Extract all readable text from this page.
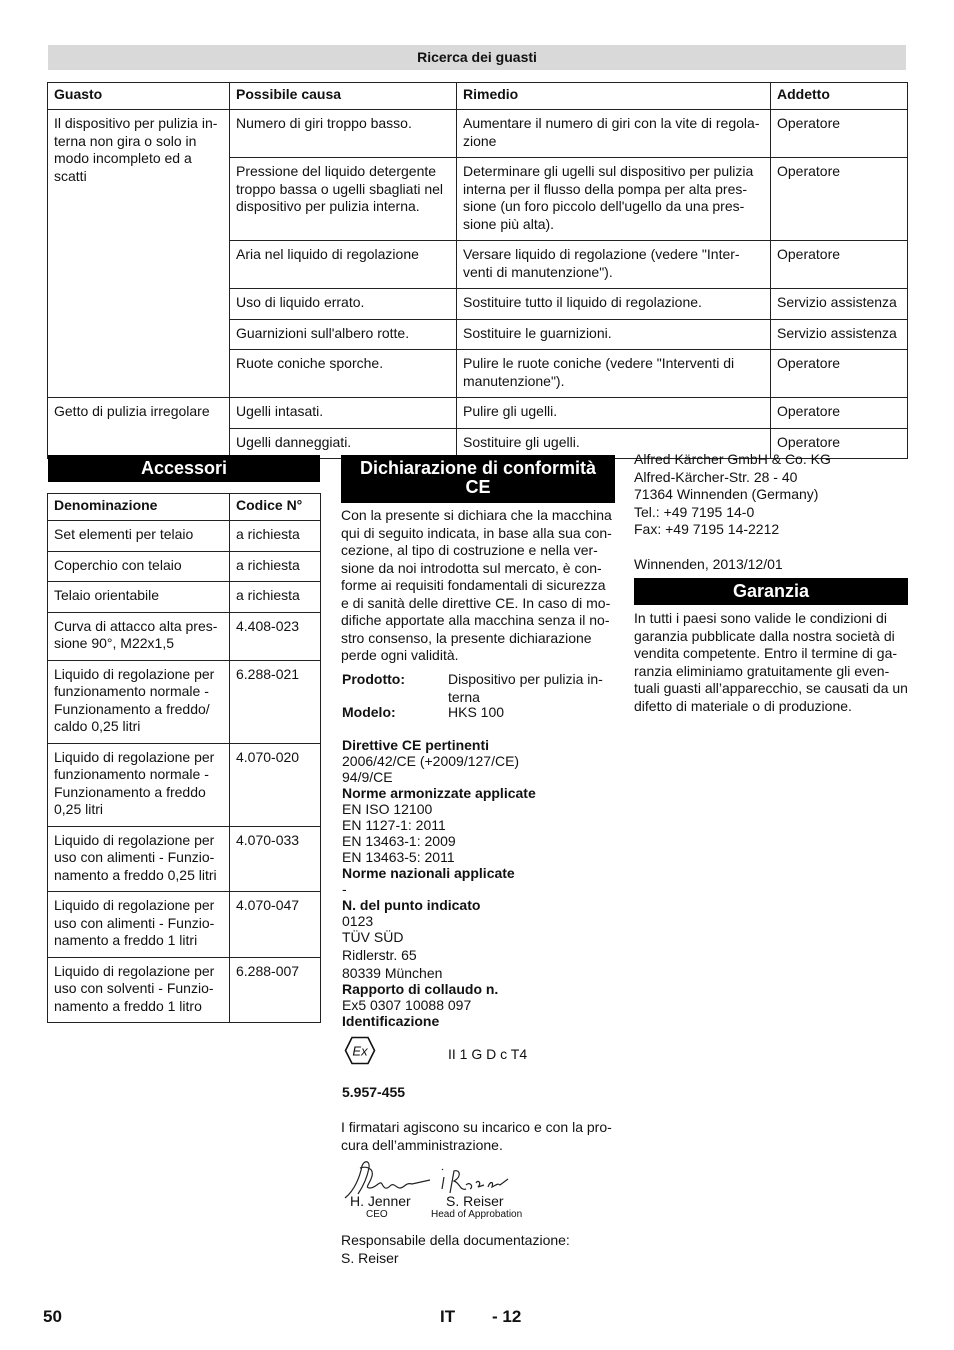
Ricerca dei guasti
Guasto	Possibile causa	Rimedio	Addetto
Il dispositivo per pulizia in-terna non gira o solo in modo incompleto ed a scatti	Numero di giri troppo basso.	Aumentare il numero di giri con la vite di regola-zione	Operatore
	Pressione del liquido detergente troppo bassa o ugelli sbagliati nel dispositivo per pulizia interna.	Determinare gli ugelli sul dispositivo per pulizia interna per il flusso della pompa per alta pres-sione (un foro piccolo dell'ugello da una pres-sione più alta).	Operatore
	Aria nel liquido di regolazione	Versare liquido di regolazione (vedere "Inter-venti di manutenzione").	Operatore
	Uso di liquido errato.	Sostituire tutto il liquido di regolazione.	Servizio assistenza
	Guarnizioni sull'albero rotte.	Sostituire le guarnizioni.	Servizio assistenza
	Ruote coniche sporche.	Pulire le ruote coniche (vedere "Interventi di manutenzione").	Operatore
Getto di pulizia irregolare	Ugelli intasati.	Pulire gli ugelli.	Operatore
	Ugelli danneggiati.	Sostituire gli ugelli.	Operatore
Accessori
Denominazione	Codice N°
Set elementi per telaio	a richiesta
Coperchio con telaio	a richiesta
Telaio orientabile	a richiesta
Curva di attacco alta pres-sione 90°, M22x1,5	4.408-023
Liquido di regolazione per funzionamento normale - Funzionamento a freddo/ caldo 0,25 litri	6.288-021
Liquido di regolazione per funzionamento normale - Funzionamento a freddo 0,25 litri	4.070-020
Liquido di regolazione per uso con alimenti - Funzio-namento a freddo 0,25 litri	4.070-033
Liquido di regolazione per uso con alimenti - Funzio-namento a freddo 1 litri	4.070-047
Liquido di regolazione per uso con solventi - Funzio-namento a freddo 1 litro	6.288-007
Dichiarazione di conformità
CE
Con la presente si dichiara che la macchina qui di seguito indicata, in base alla sua con-cezione, al tipo di costruzione e nella ver-sione da noi introdotta sul mercato, è con-forme ai requisiti fondamentali di sicurezza e di sanità delle direttive CE. In caso di mo-difiche apportate alla macchina senza il no-stro consenso, la presente dichiarazione perde ogni validità.
Prodotto:	Dispositivo per pulizia in-terna
Modelo:	HKS 100
Direttive CE pertinenti
2006/42/CE (+2009/127/CE)
94/9/CE
Norme armonizzate applicate
EN ISO 12100
EN 1127-1: 2011
EN 13463-1: 2009
EN 13463-5: 2011
Norme nazionali applicate
-
N. del punto indicato
0123
TÜV SÜD
Ridlerstr. 65
80339 München
Rapporto di collaudo n.
Ex5 0307 10088 097
Identificazione
Ex	II 1 G D c T4
5.957-455
I firmatari agiscono su incarico e con la pro-cura dell’amministrazione.
H. Jenner
CEO
S. Reiser
Head of Approbation
Responsabile della documentazione:
S. Reiser
Alfred Kärcher GmbH & Co. KG
Alfred-Kärcher-Str. 28 - 40
71364 Winnenden (Germany)
Tel.: +49 7195 14-0
Fax: +49 7195 14-2212
Winnenden, 2013/12/01
Garanzia
In tutti i paesi sono valide le condizioni di garanzia pubblicate dalla nostra società di vendita competente. Entro il termine di ga-ranzia eliminiamo gratuitamente gli even-tuali guasti all’apparecchio, se causati da un difetto di materiale o di produzione.
50	IT - 12
